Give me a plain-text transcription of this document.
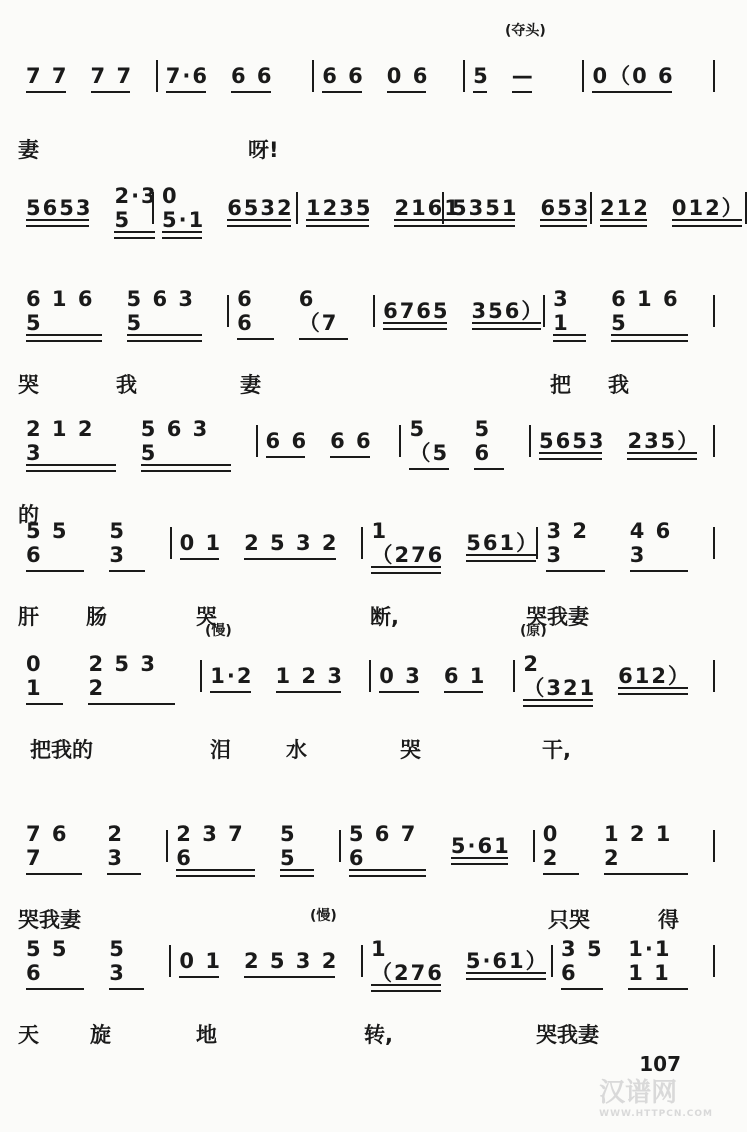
(夺头)
7 7 7 7 7·6 6 6 6 6 0 6 5 —	0（0 6
妻	呀!
5653 2·3 5
0 5·1 6532 1235 2161
5351 653 212 012）
6 1 6 5
5 6 3 5
6 6
6（7	6765 356） 3 1
6 1 6 5
哭	我	妻	把 我
2 1 2 3
5 6 3 5	6 6 6 6 5（5
5 6	5653 235）
的
5 5 6
5 3	0 1 2 5 3 2 1（276 561） 3 2 3
4 6 3
肝 肠	哭	断,	哭我妻
(慢)	(原)
0 1
2 5 3 2	1·2 1 2 3 0 3 6 1 2（321 612）
把我的	泪	水	哭	干,
7 6 7
2 3
2 3 7 6
5 5
5 6 7 6	5·61 0 2
1 2 1 2
哭我妻	只哭	得
(慢)
5 5 6
5 3	0 1 2 5 3 2 1（276 5·61） 3 5 6
1·1 1 1
天 旋	地	转,	哭我妻
107
汉谱网
WWW.HTTPCN.COM
